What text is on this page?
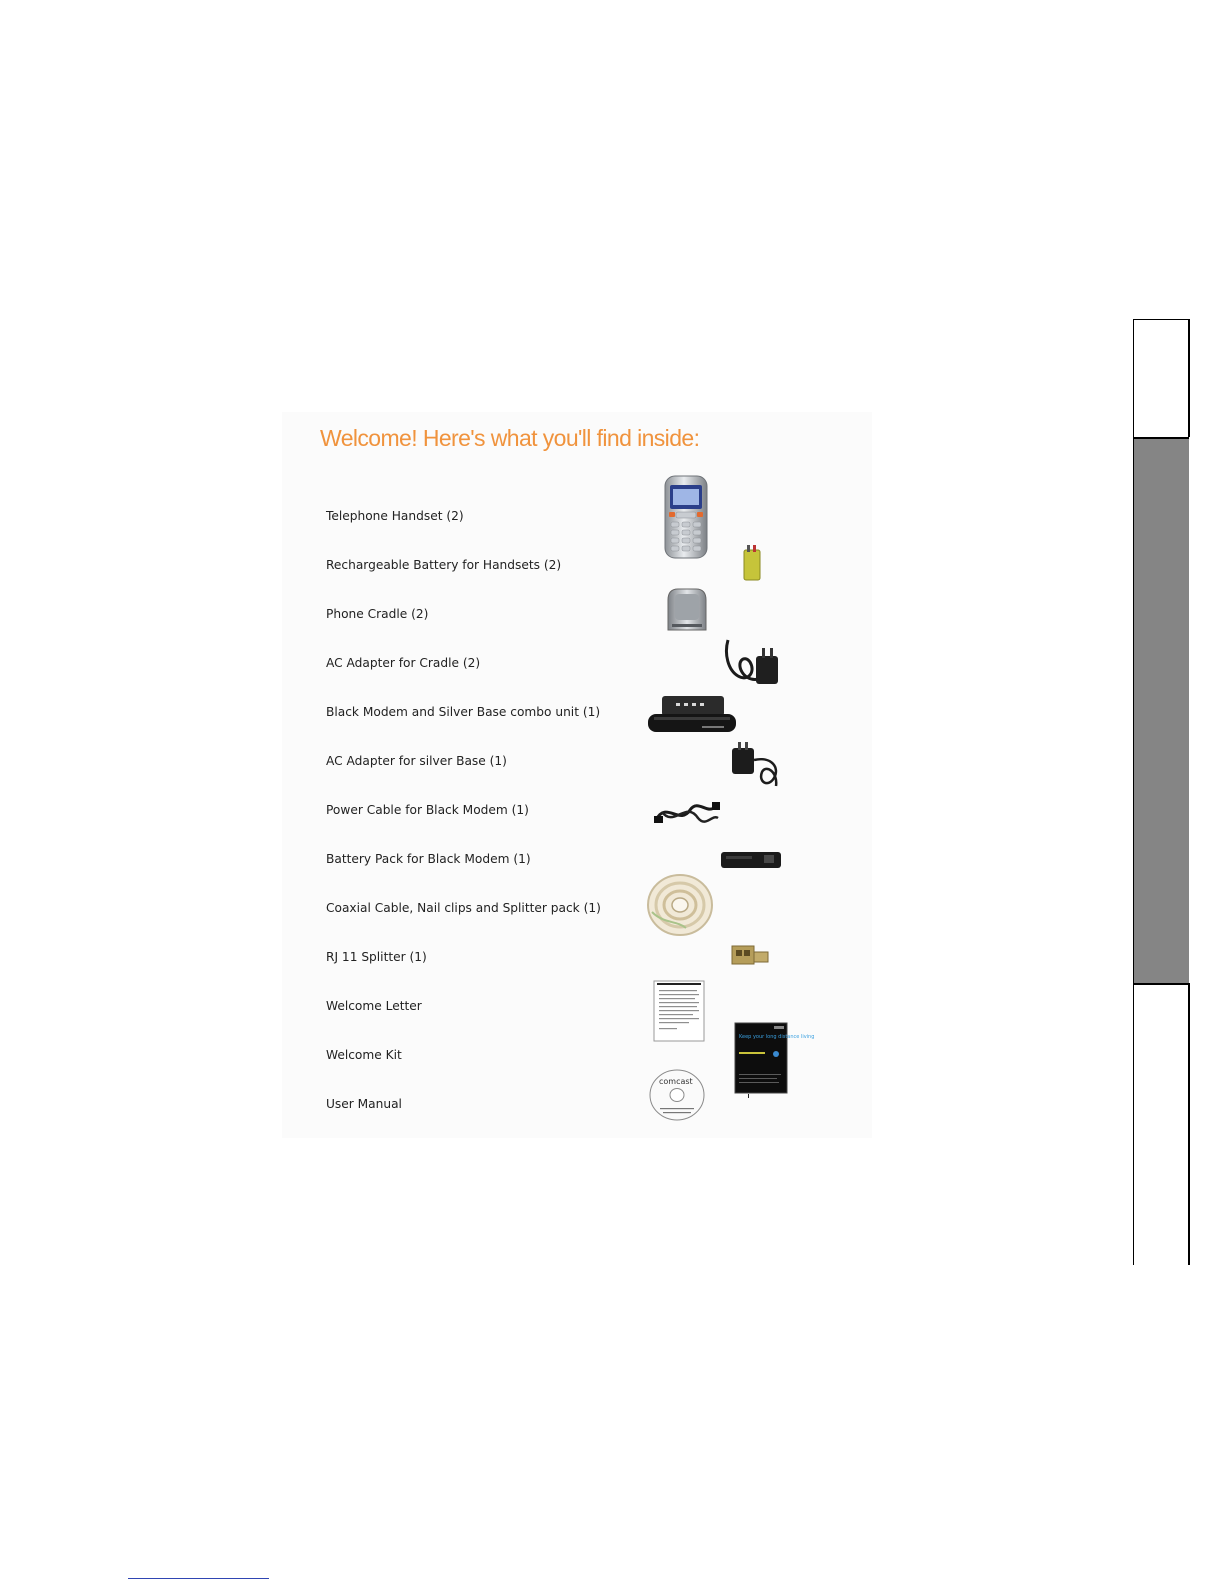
Welcome! Here's what you'll find inside:
Telephone Handset (2)
Rechargeable Battery for Handsets (2)
Phone Cradle (2)
AC Adapter for Cradle (2)
Black Modem and Silver Base combo unit (1)
AC Adapter for silver Base (1)
Power Cable for Black Modem (1)
Battery Pack for Black Modem (1)
Coaxial Cable, Nail clips and Splitter pack (1)
RJ 11 Splitter (1)
Welcome Letter
Welcome Kit
User Manual
Keep your long distance living
comcast
